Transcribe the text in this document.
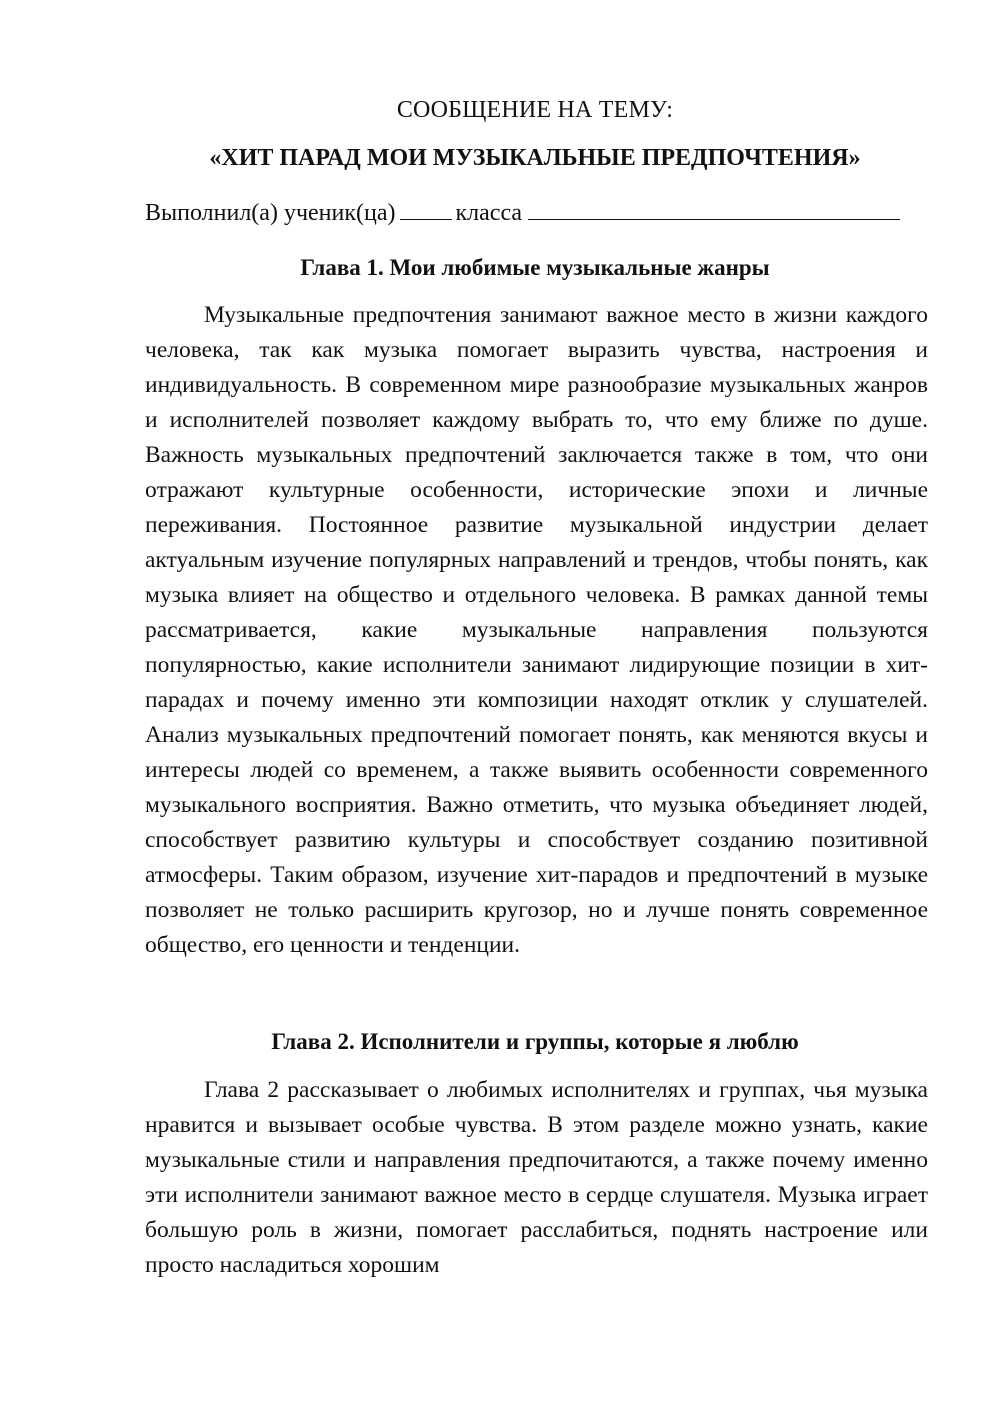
СООБЩЕНИЕ НА ТЕМУ:
«ХИТ ПАРАД МОИ МУЗЫКАЛЬНЫЕ ПРЕДПОЧТЕНИЯ»
Выполнил(а) ученик(ца)	класса
Глава 1. Мои любимые музыкальные жанры

Музыкальные предпочтения занимают важное место в жизни каждого человека, так как музыка помогает выразить чувства, настроения и индивидуальность. В современном мире разнообразие музыкальных жанров и исполнителей позволяет каждому выбрать то, что ему ближе по душе. Важность музыкальных предпочтений заключается также в том, что они отражают культурные особенности, исторические эпохи и личные переживания. Постоянное развитие музыкальной индустрии делает актуальным изучение популярных направлений и трендов, чтобы понять, как музыка влияет на общество и отдельного человека. В рамках данной темы рассматривается, какие музыкальные направления пользуются популярностью, какие исполнители занимают лидирующие позиции в хит-парадах и почему именно эти композиции находят отклик у слушателей. Анализ музыкальных предпочтений помогает понять, как меняются вкусы и интересы людей со временем, а также выявить особенности современного музыкального восприятия. Важно отметить, что музыка объединяет людей, способствует развитию культуры и способствует созданию позитивной атмосферы. Таким образом, изучение хит-парадов и предпочтений в музыке позволяет не только расширить кругозор, но и лучше понять современное общество, его ценности и тенденции.

Глава 2. Исполнители и группы, которые я люблю

Глава 2 рассказывает о любимых исполнителях и группах, чья музыка нравится и вызывает особые чувства. В этом разделе можно узнать, какие музыкальные стили и направления предпочитаются, а также почему именно эти исполнители занимают важное место в сердце слушателя. Музыка играет большую роль в жизни, помогает расслабиться, поднять настроение или просто насладиться хорошим
